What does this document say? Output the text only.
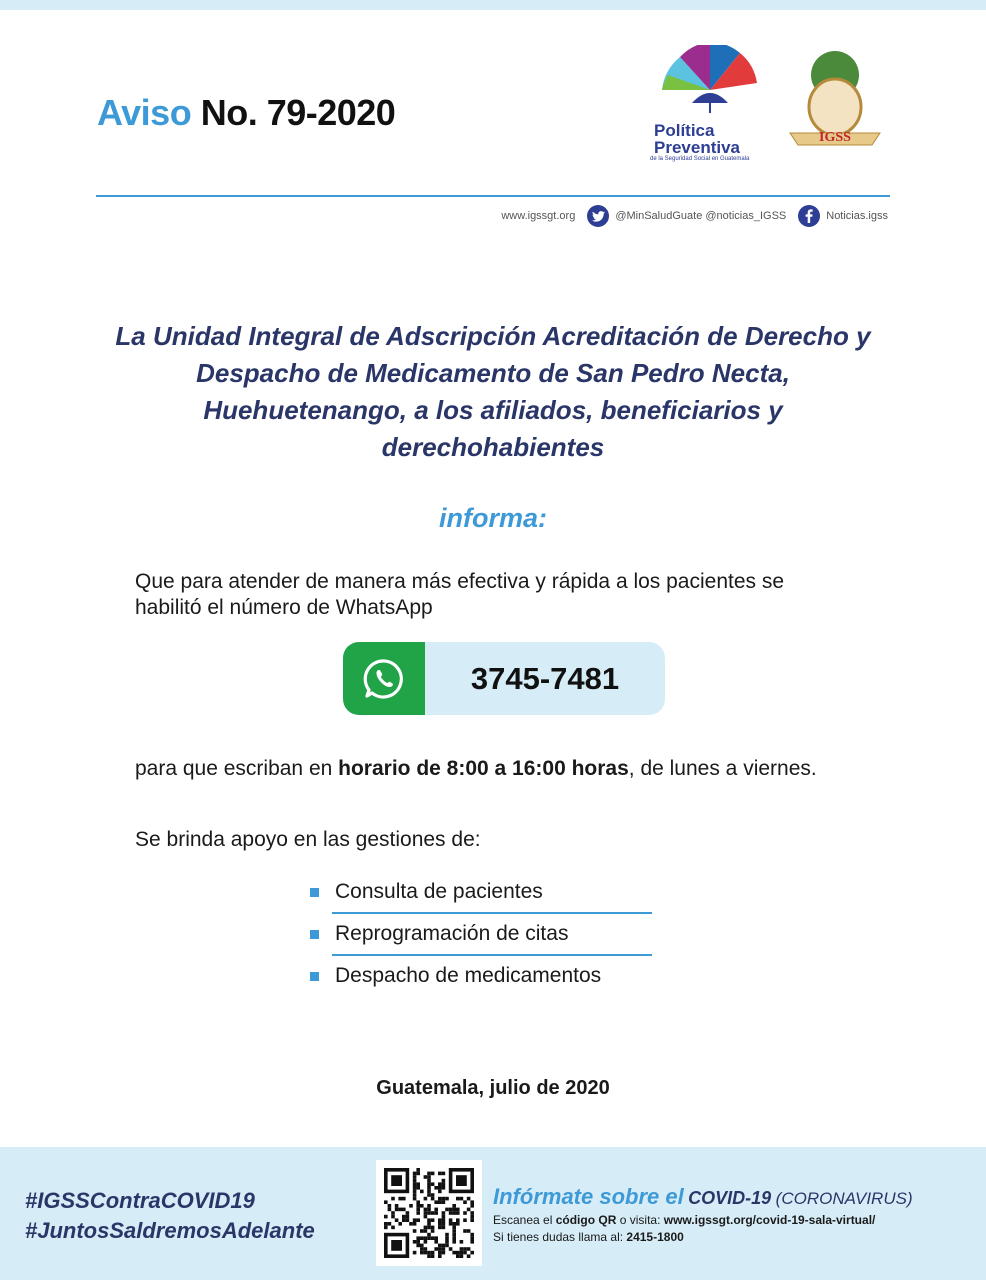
Aviso No. 79-2020
IGSS
Política
Preventiva
de la Seguridad Social en Guatemala
www.igssgt.org	@MinSaludGuate @noticias_IGSS	Noticias.igss
La Unidad Integral de Adscripción Acreditación de Derecho y Despacho de Medicamento de San Pedro Necta, Huehuetenango, a los afiliados, beneficiarios y derechohabientes
informa:
Que para atender de manera más efectiva y rápida a los pacientes se habilitó el número de WhatsApp
3745-7481
para que escriban en horario de 8:00 a 16:00 horas, de lunes a viernes.
Se brinda apoyo en las gestiones de:
Consulta de pacientes
Reprogramación de citas
Despacho de medicamentos
Guatemala, julio de 2020
#IGSSContraCOVID19
#JuntosSaldremosAdelante
Infórmate sobre el COVID-19 (CORONAVIRUS)
Escanea el código QR o visita: www.igssgt.org/covid-19-sala-virtual/
Si tienes dudas llama al: 2415-1800
